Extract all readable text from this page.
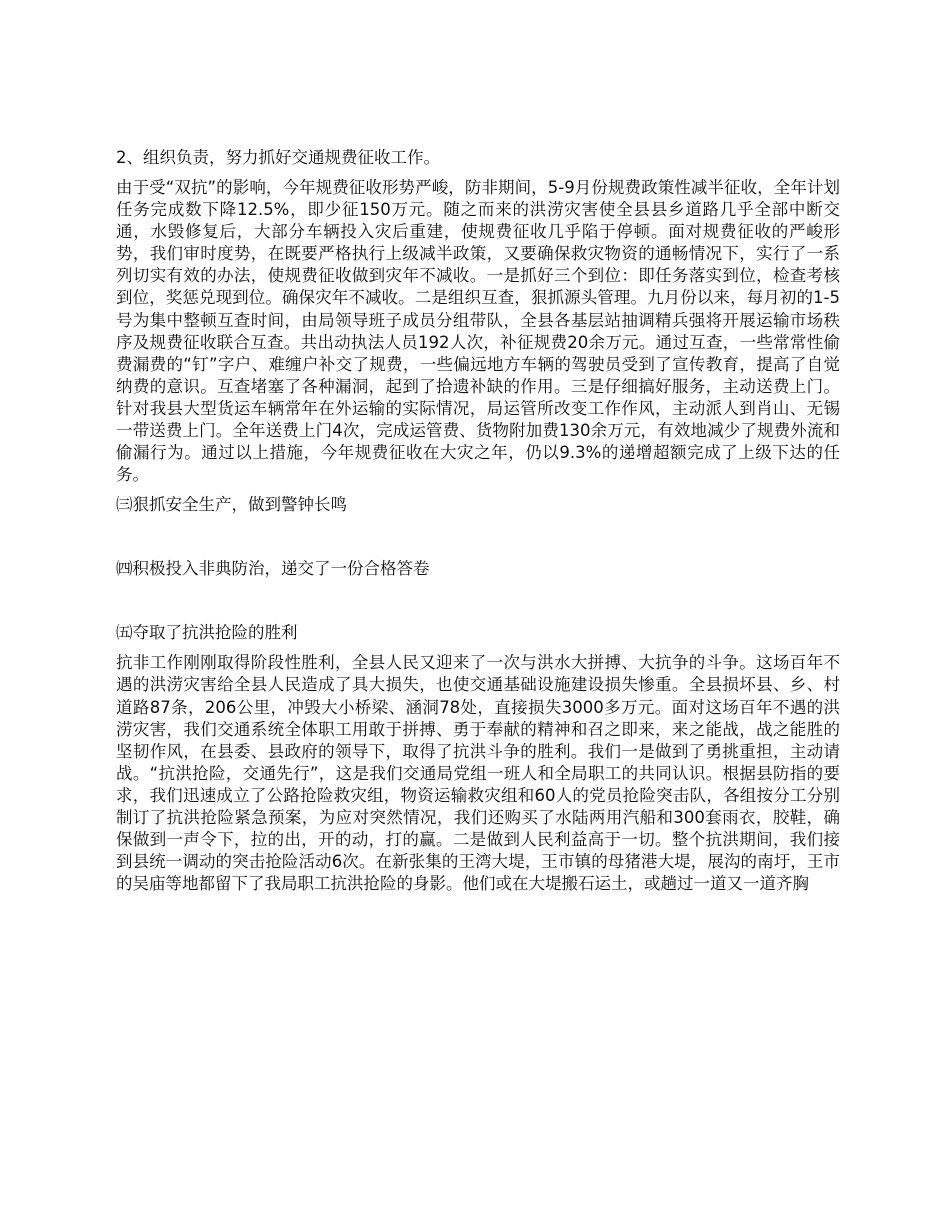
2、组织负责，努力抓好交通规费征收工作。

由于受“双抗”的影响，今年规费征收形势严峻，防非期间，5-9月份规费政策性减半征收，全年计划任务完成数下降12.5%，即少征150万元。随之而来的洪涝灾害使全县县乡道路几乎全部中断交通，水毁修复后，大部分车辆投入灾后重建，使规费征收几乎陷于停顿。面对规费征收的严峻形势，我们审时度势，在既要严格执行上级减半政策，又要确保救灾物资的通畅情况下，实行了一系列切实有效的办法，使规费征收做到灾年不减收。一是抓好三个到位：即任务落实到位，检查考核到位，奖惩兑现到位。确保灾年不减收。二是组织互查，狠抓源头管理。九月份以来，每月初的1-5号为集中整顿互查时间，由局领导班子成员分组带队，全县各基层站抽调精兵强将开展运输市场秩序及规费征收联合互查。共出动执法人员192人次，补征规费20余万元。通过互查，一些常常性偷费漏费的“钉”字户、难缠户补交了规费，一些偏远地方车辆的驾驶员受到了宣传教育，提高了自觉纳费的意识。互查堵塞了各种漏洞，起到了拾遗补缺的作用。三是仔细搞好服务，主动送费上门。针对我县大型货运车辆常年在外运输的实际情况，局运管所改变工作作风，主动派人到肖山、无锡一带送费上门。全年送费上门4次，完成运管费、货物附加费130余万元，有效地减少了规费外流和偷漏行为。通过以上措施，今年规费征收在大灾之年，仍以9.3%的递增超额完成了上级下达的任务。

㈢狠抓安全生产，做到警钟长鸣

㈣积极投入非典防治，递交了一份合格答卷

㈤夺取了抗洪抢险的胜利

抗非工作刚刚取得阶段性胜利，全县人民又迎来了一次与洪水大拼搏、大抗争的斗争。这场百年不遇的洪涝灾害给全县人民造成了具大损失，也使交通基础设施建设损失惨重。全县损坏县、乡、村道路87条，206公里，冲毁大小桥梁、涵洞78处，直接损失3000多万元。面对这场百年不遇的洪涝灾害，我们交通系统全体职工用敢于拼搏、勇于奉献的精神和召之即来，来之能战，战之能胜的坚韧作风，在县委、县政府的领导下，取得了抗洪斗争的胜利。我们一是做到了勇挑重担，主动请战。“抗洪抢险，交通先行”，这是我们交通局党组一班人和全局职工的共同认识。根据县防指的要求，我们迅速成立了公路抢险救灾组，物资运输救灾组和60人的党员抢险突击队，各组按分工分别制订了抗洪抢险紧急预案，为应对突然情况，我们还购买了水陆两用汽船和300套雨衣，胶鞋，确保做到一声令下，拉的出，开的动，打的赢。二是做到人民利益高于一切。整个抗洪期间，我们接到县统一调动的突击抢险活动6次。在新张集的王湾大堤，王市镇的母猪港大堤，展沟的南圩，王市的吴庙等地都留下了我局职工抗洪抢险的身影。他们或在大堤搬石运土，或趟过一道又一道齐胸
